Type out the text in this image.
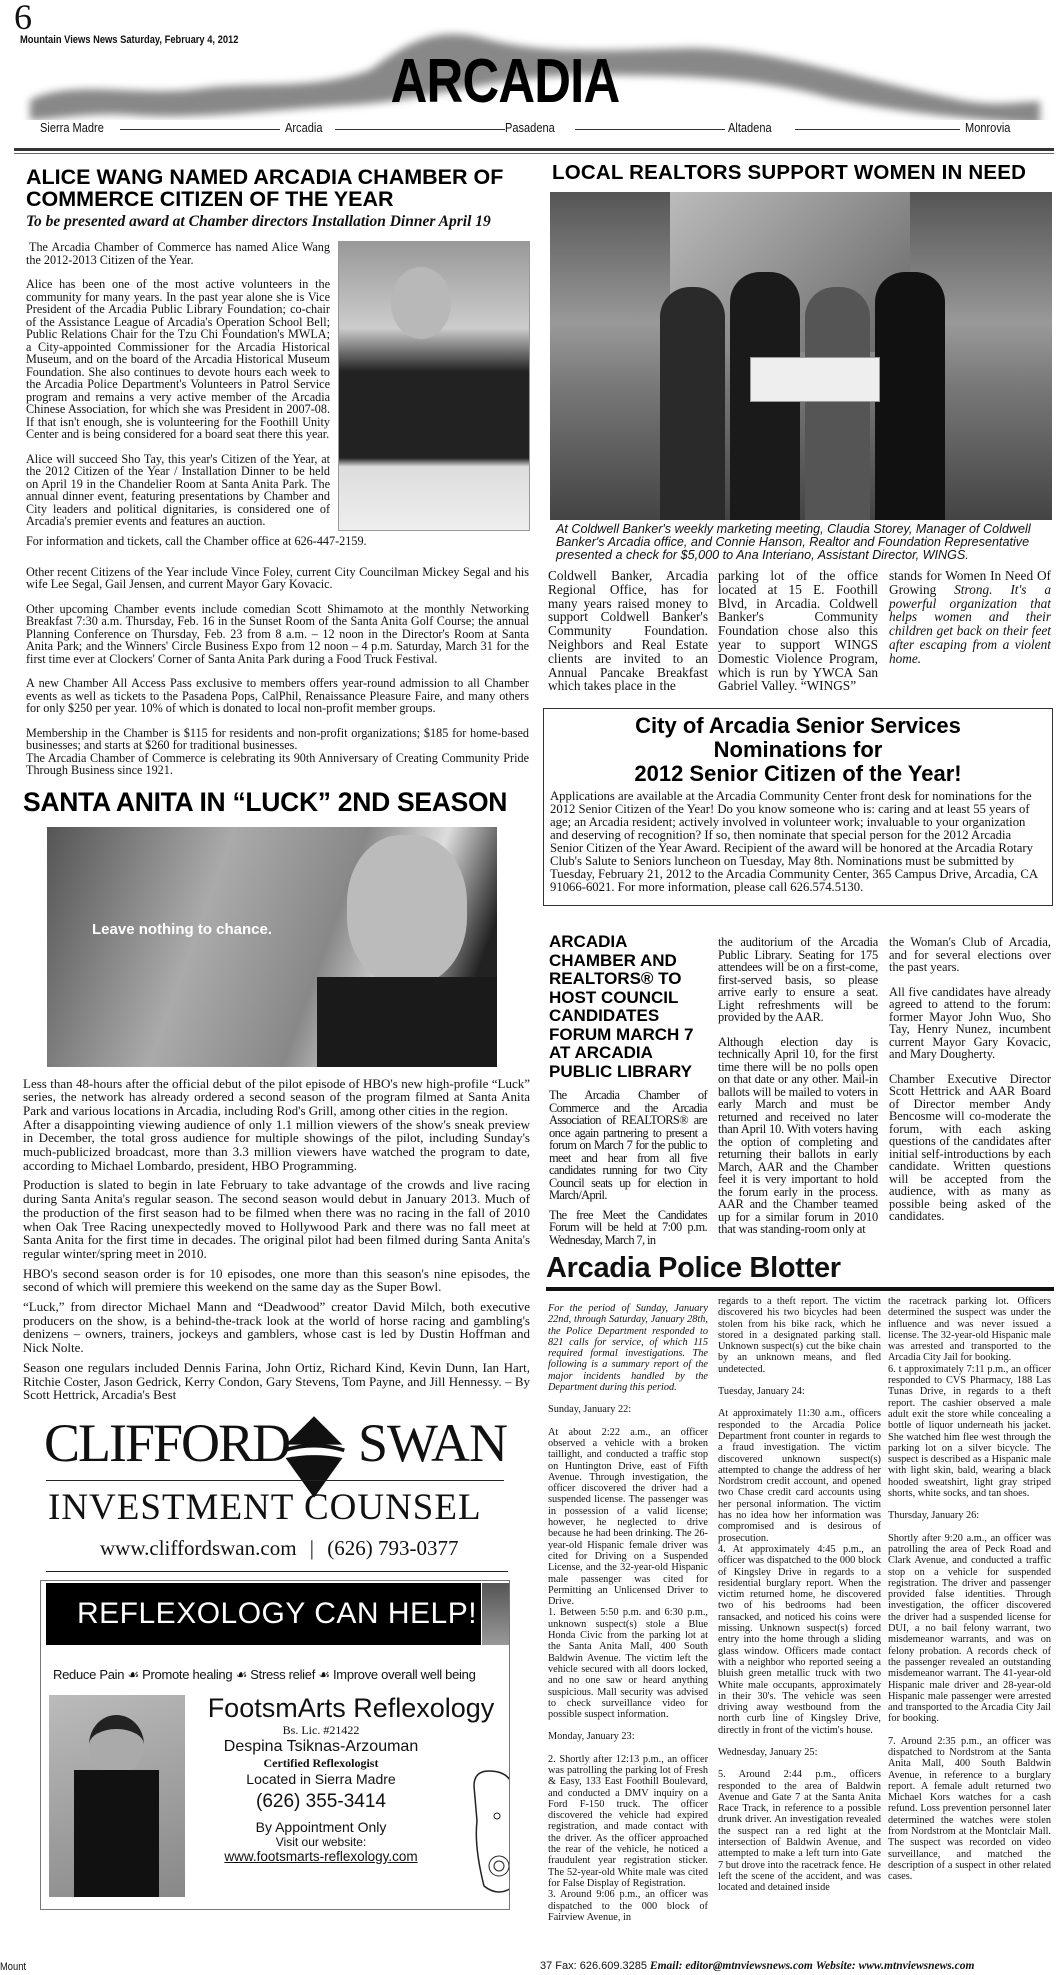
6
Mountain Views News Saturday, February 4, 2012
ARCADIA
Sierra Madre	Arcadia	Pasadena	Altadena	Monrovia
ALICE WANG NAMED ARCADIA CHAMBER OF COMMERCE CITIZEN OF THE YEAR
To be presented award at Chamber directors Installation Dinner April 19

The Arcadia Chamber of Commerce has named Alice Wang the 2012-2013 Citizen of the Year.

Alice has been one of the most active volunteers in the community for many years. In the past year alone she is Vice President of the Arcadia Public Library Foundation; co-chair of the Assistance League of Arcadia's Operation School Bell; Public Relations Chair for the Tzu Chi Foundation's MWLA; a City-appointed Commissioner for the Arcadia Historical Museum, and on the board of the Arcadia Historical Museum Foundation. She also continues to devote hours each week to the Arcadia Police Department's Volunteers in Patrol Service program and remains a very active member of the Arcadia Chinese Association, for which she was President in 2007-08. If that isn't enough, she is volunteering for the Foothill Unity Center and is being considered for a board seat there this year.

Alice will succeed Sho Tay, this year's Citizen of the Year, at the 2012 Citizen of the Year / Installation Dinner to be held on April 19 in the Chandelier Room at Santa Anita Park. The annual dinner event, featuring presentations by Chamber and City leaders and political dignitaries, is considered one of Arcadia's premier events and features an auction.

For information and tickets, call the Chamber office at 626-447-2159.

Other recent Citizens of the Year include Vince Foley, current City Councilman Mickey Segal and his wife Lee Segal, Gail Jensen, and current Mayor Gary Kovacic.

Other upcoming Chamber events include comedian Scott Shimamoto at the monthly Networking Breakfast 7:30 a.m. Thursday, Feb. 16 in the Sunset Room of the Santa Anita Golf Course; the annual Planning Conference on Thursday, Feb. 23 from 8 a.m. – 12 noon in the Director's Room at Santa Anita Park; and the Winners' Circle Business Expo from 12 noon – 4 p.m. Saturday, March 31 for the first time ever at Clockers' Corner of Santa Anita Park during a Food Truck Festival.

A new Chamber All Access Pass exclusive to members offers year-round admission to all Chamber events as well as tickets to the Pasadena Pops, CalPhil, Renaissance Pleasure Faire, and many others for only $250 per year. 10% of which is donated to local non-profit member groups.

Membership in the Chamber is $115 for residents and non-profit organizations; $185 for home-based businesses; and starts at $260 for traditional businesses.

The Arcadia Chamber of Commerce is celebrating its 90th Anniversary of Creating Community Pride Through Business since 1921.

SANTA ANITA IN “LUCK” 2ND SEASON
Leave nothing to chance.

Less than 48-hours after the official debut of the pilot episode of HBO's new high-profile “Luck” series, the network has already ordered a second season of the program filmed at Santa Anita Park and various locations in Arcadia, including Rod's Grill, among other cities in the region.

After a disappointing viewing audience of only 1.1 million viewers of the show's sneak preview in December, the total gross audience for multiple showings of the pilot, including Sunday's much-publicized broadcast, more than 3.3 million viewers have watched the program to date, according to Michael Lombardo, president, HBO Programming.

Production is slated to begin in late February to take advantage of the crowds and live racing during Santa Anita's regular season. The second season would debut in January 2013. Much of the production of the first season had to be filmed when there was no racing in the fall of 2010 when Oak Tree Racing unexpectedly moved to Hollywood Park and there was no fall meet at Santa Anita for the first time in decades. The original pilot had been filmed during Santa Anita's regular winter/spring meet in 2010.

HBO's second season order is for 10 episodes, one more than this season's nine episodes, the second of which will premiere this weekend on the same day as the Super Bowl.

“Luck,” from director Michael Mann and “Deadwood” creator David Milch, both executive producers on the show, is a behind-the-track look at the world of horse racing and gambling's denizens – owners, trainers, jockeys and gamblers, whose cast is led by Dustin Hoffman and Nick Nolte.

Season one regulars included Dennis Farina, John Ortiz, Richard Kind, Kevin Dunn, Ian Hart, Ritchie Coster, Jason Gedrick, Kerry Condon, Gary Stevens, Tom Payne, and Jill Hennessy. – By Scott Hettrick, Arcadia's Best

CLIFFORD SWAN
INVESTMENT COUNSEL
www.cliffordswan.com | (626) 793-0377
REFLEXOLOGY CAN HELP!
Reduce Pain ☙ Promote healing ☙ Stress relief ☙ Improve overall well being
FootsmArts Reflexology
Bs. Lic. #21422
Despina Tsiknas-Arzouman
Certified Reflexologist
Located in Sierra Madre
(626) 355-3414
By Appointment Only
Visit our website:
www.footsmarts-reflexology.com
LOCAL REALTORS SUPPORT WOMEN IN NEED
At Coldwell Banker's weekly marketing meeting, Claudia Storey, Manager of Coldwell Banker's Arcadia office, and Connie Hanson, Realtor and Foundation Representative presented a check for $5,000 to Ana Interiano, Assistant Director, WINGS.

Coldwell Banker, Arcadia Regional Office, has for many years raised money to support Coldwell Banker's Community Foundation. Neighbors and Real Estate clients are invited to an Annual Pancake Breakfast which takes place in the

parking lot of the office located at 15 E. Foothill Blvd, in Arcadia. Coldwell Banker's Community Foundation chose also this year to support WINGS Domestic Violence Program, which is run by YWCA San Gabriel Valley. “WINGS”

stands for Women In Need Of Growing Strong. It's a powerful organization that helps women and their children get back on their feet after escaping from a violent home.

City of Arcadia Senior Services
Nominations for
2012 Senior Citizen of the Year!

Applications are available at the Arcadia Community Center front desk for nominations for the 2012 Senior Citizen of the Year! Do you know someone who is: caring and at least 55 years of age; an Arcadia resident; actively involved in volunteer work; invaluable to your organization and deserving of recognition? If so, then nominate that special person for the 2012 Arcadia Senior Citizen of the Year Award. Recipient of the award will be honored at the Arcadia Rotary Club's Salute to Seniors luncheon on Tuesday, May 8th. Nominations must be submitted by Tuesday, February 21, 2012 to the Arcadia Community Center, 365 Campus Drive, Arcadia, CA 91066-6021. For more information, please call 626.574.5130.

ARCADIA CHAMBER AND REALTORS® TO HOST COUNCIL CANDIDATES FORUM MARCH 7 AT ARCADIA PUBLIC LIBRARY

The Arcadia Chamber of Commerce and the Arcadia Association of REALTORS® are once again partnering to present a forum on March 7 for the public to meet and hear from all five candidates running for two City Council seats up for election in March/April.

The free Meet the Candidates Forum will be held at 7:00 p.m. Wednesday, March 7, in

the auditorium of the Arcadia Public Library. Seating for 175 attendees will be on a first-come, first-served basis, so please arrive early to ensure a seat. Light refreshments will be provided by the AAR.

Although election day is technically April 10, for the first time there will be no polls open on that date or any other. Mail-in ballots will be mailed to voters in early March and must be returned and received no later than April 10. With voters having the option of completing and returning their ballots in early March, AAR and the Chamber feel it is very important to hold the forum early in the process. AAR and the Chamber teamed up for a similar forum in 2010 that was standing-room only at

the Woman's Club of Arcadia, and for several elections over the past years.

All five candidates have already agreed to attend to the forum: former Mayor John Wuo, Sho Tay, Henry Nunez, incumbent current Mayor Gary Kovacic, and Mary Dougherty.

Chamber Executive Director Scott Hettrick and AAR Board of Director member Andy Bencosme will co-moderate the forum, with each asking questions of the candidates after initial self-introductions by each candidate. Written questions will be accepted from the audience, with as many as possible being asked of the candidates.

Arcadia Police Blotter

For the period of Sunday, January 22nd, through Saturday, January 28th, the Police Department responded to 821 calls for service, of which 115 required formal investigations. The following is a summary report of the major incidents handled by the Department during this period.

Sunday, January 22:

At about 2:22 a.m., an officer observed a vehicle with a broken taillight, and conducted a traffic stop on Huntington Drive, east of Fifth Avenue. Through investigation, the officer discovered the driver had a suspended license. The passenger was in possession of a valid license; however, he neglected to drive because he had been drinking. The 26-year-old Hispanic female driver was cited for Driving on a Suspended License, and the 32-year-old Hispanic male passenger was cited for Permitting an Unlicensed Driver to Drive.

1. Between 5:50 p.m. and 6:30 p.m., unknown suspect(s) stole a Blue Honda Civic from the parking lot at the Santa Anita Mall, 400 South Baldwin Avenue. The victim left the vehicle secured with all doors locked, and no one saw or heard anything suspicious. Mall security was advised to check surveillance video for possible suspect information.

Monday, January 23:

2. Shortly after 12:13 p.m., an officer was patrolling the parking lot of Fresh & Easy, 133 East Foothill Boulevard, and conducted a DMV inquiry on a Ford F-150 truck. The officer discovered the vehicle had expired registration, and made contact with the driver. As the officer approached the rear of the vehicle, he noticed a fraudulent year registration sticker. The 52-year-old White male was cited for False Display of Registration.

3. Around 9:06 p.m., an officer was dispatched to the 000 block of Fairview Avenue, in

regards to a theft report. The victim discovered his two bicycles had been stolen from his bike rack, which he stored in a designated parking stall. Unknown suspect(s) cut the bike chain by an unknown means, and fled undetected.

Tuesday, January 24:

At approximately 11:30 a.m., officers responded to the Arcadia Police Department front counter in regards to a fraud investigation. The victim discovered unknown suspect(s) attempted to change the address of her Nordstrom credit account, and opened two Chase credit card accounts using her personal information. The victim has no idea how her information was compromised and is desirous of prosecution.

4. At approximately 4:45 p.m., an officer was dispatched to the 000 block of Kingsley Drive in regards to a residential burglary report. When the victim returned home, he discovered two of his bedrooms had been ransacked, and noticed his coins were missing. Unknown suspect(s) forced entry into the home through a sliding glass window. Officers made contact with a neighbor who reported seeing a bluish green metallic truck with two White male occupants, approximately in their 30's. The vehicle was seen driving away westbound from the north curb line of Kingsley Drive, directly in front of the victim's house.

Wednesday, January 25:

5. Around 2:44 p.m., officers responded to the area of Baldwin Avenue and Gate 7 at the Santa Anita Race Track, in reference to a possible drunk driver. An investigation revealed the suspect ran a red light at the intersection of Baldwin Avenue, and attempted to make a left turn into Gate 7 but drove into the racetrack fence. He left the scene of the accident, and was located and detained inside

the racetrack parking lot. Officers determined the suspect was under the influence and was never issued a license. The 32-year-old Hispanic male was arrested and transported to the Arcadia City Jail for booking.

6. t approximately 7:11 p.m., an officer responded to CVS Pharmacy, 188 Las Tunas Drive, in regards to a theft report. The cashier observed a male adult exit the store while concealing a bottle of liquor underneath his jacket. She watched him flee west through the parking lot on a silver bicycle. The suspect is described as a Hispanic male with light skin, bald, wearing a black hooded sweatshirt, light gray striped shorts, white socks, and tan shoes.

Thursday, January 26:

Shortly after 9:20 a.m., an officer was patrolling the area of Peck Road and Clark Avenue, and conducted a traffic stop on a vehicle for suspended registration. The driver and passenger provided false identities. Through investigation, the officer discovered the driver had a suspended license for DUI, a no bail felony warrant, two misdemeanor warrants, and was on felony probation. A records check of the passenger revealed an outstanding misdemeanor warrant. The 41-year-old Hispanic male driver and 28-year-old Hispanic male passenger were arrested and transported to the Arcadia City Jail for booking.

7. Around 2:35 p.m., an officer was dispatched to Nordstrom at the Santa Anita Mall, 400 South Baldwin Avenue, in reference to a burglary report. A female adult returned two Michael Kors watches for a cash refund. Loss prevention personnel later determined the watches were stolen from Nordstrom at the Montclair Mall. The suspect was recorded on video surveillance, and matched the description of a suspect in other related cases.

Mount	37 Fax: 626.609.3285 Email: editor@mtnviewsnews.com Website: www.mtnviewsnews.com
